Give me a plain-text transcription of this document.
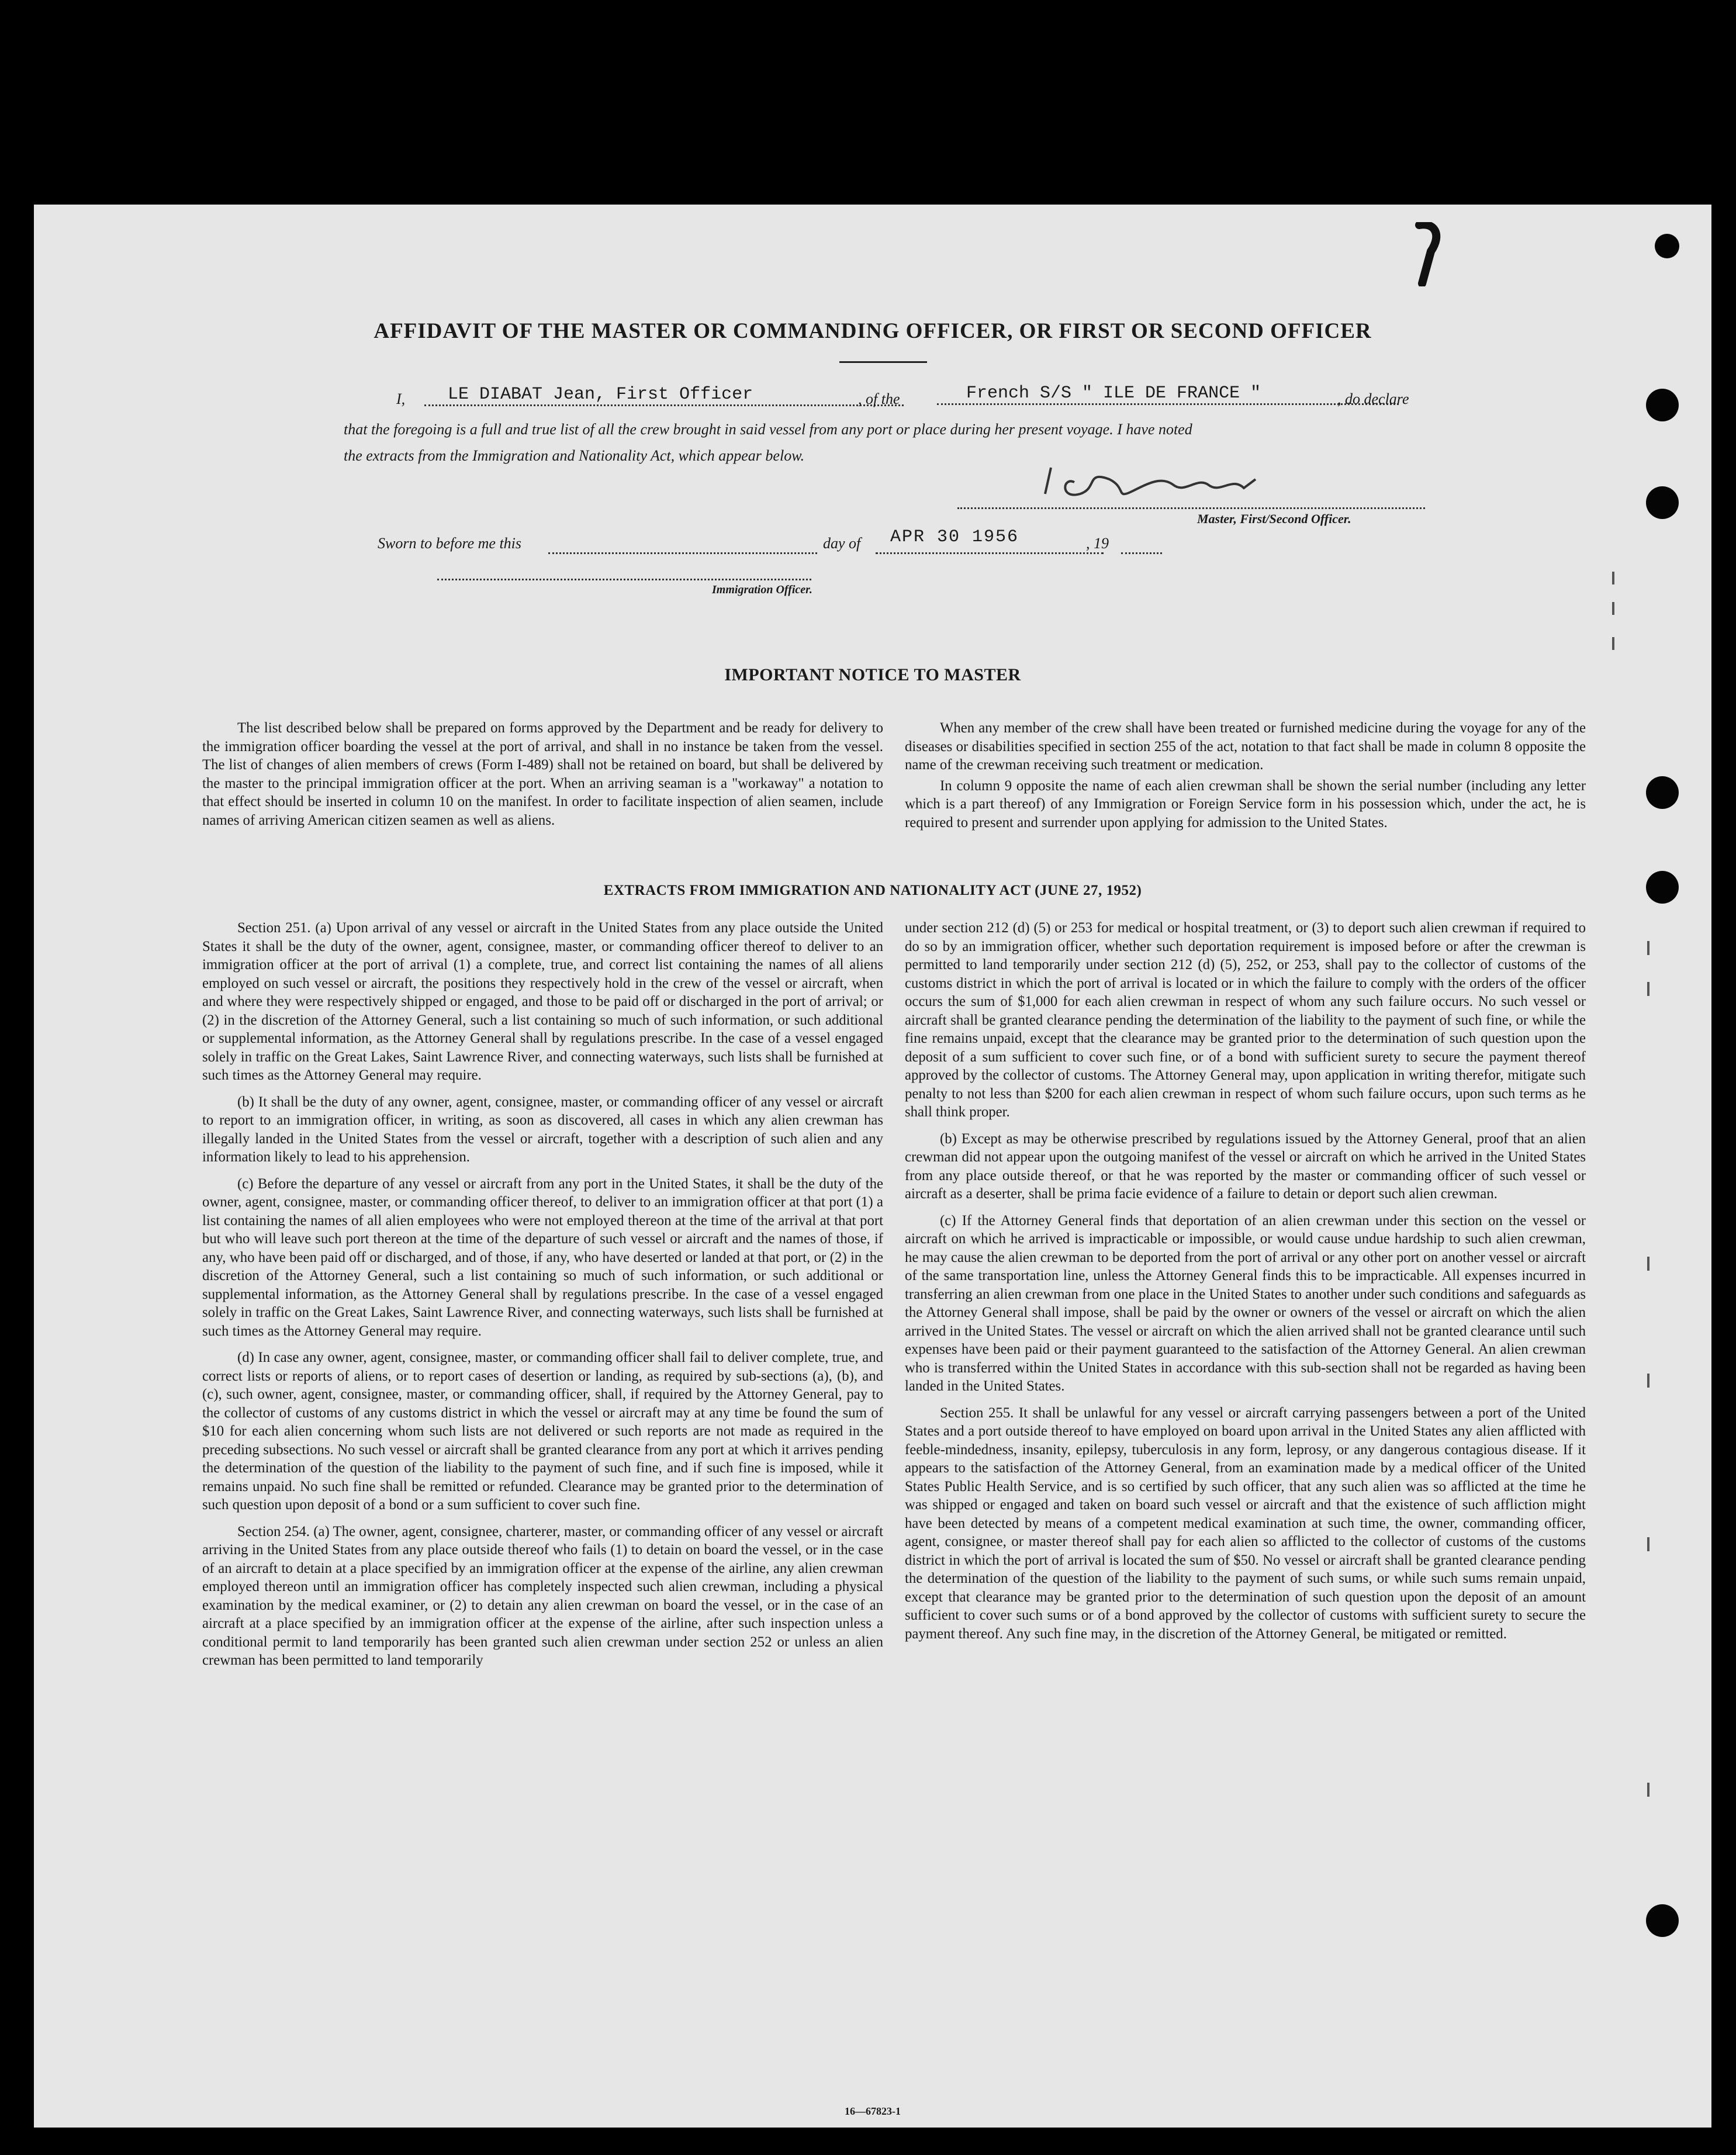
AFFIDAVIT OF THE MASTER OR COMMANDING OFFICER, OR FIRST OR SECOND OFFICER
I,	LE DIABAT Jean, First Officer	, of the	French S/S " ILE DE FRANCE "	, do declare
that the foregoing is a full and true list of all the crew brought in said vessel from any port or place during her present voyage. I have noted
the extracts from the Immigration and Nationality Act, which appear below.
Master, First/Second Officer.
Sworn to before me this	day of APR 30 1956	, 19
Immigration Officer.
IMPORTANT NOTICE TO MASTER

The list described below shall be prepared on forms approved by the Department and be ready for delivery to the immigration officer boarding the vessel at the port of arrival, and shall in no instance be taken from the vessel. The list of changes of alien members of crews (Form I-489) shall not be retained on board, but shall be delivered by the master to the principal immigration officer at the port. When an arriving seaman is a "workaway" a notation to that effect should be inserted in column 10 on the manifest. In order to facilitate inspection of alien seamen, include names of arriving American citizen seamen as well as aliens.

When any member of the crew shall have been treated or furnished medicine during the voyage for any of the diseases or disabilities specified in section 255 of the act, notation to that fact shall be made in column 8 opposite the name of the crewman receiving such treatment or medication.

In column 9 opposite the name of each alien crewman shall be shown the serial number (including any letter which is a part thereof) of any Immigration or Foreign Service form in his possession which, under the act, he is required to present and surrender upon applying for admission to the United States.

EXTRACTS FROM IMMIGRATION AND NATIONALITY ACT (JUNE 27, 1952)

Section 251. (a) Upon arrival of any vessel or aircraft in the United States from any place outside the United States it shall be the duty of the owner, agent, consignee, master, or commanding officer thereof to deliver to an immigration officer at the port of arrival (1) a complete, true, and correct list containing the names of all aliens employed on such vessel or aircraft, the positions they respectively hold in the crew of the vessel or aircraft, when and where they were respectively shipped or engaged, and those to be paid off or discharged in the port of arrival; or (2) in the discretion of the Attorney General, such a list containing so much of such information, or such additional or supplemental information, as the Attorney General shall by regulations prescribe. In the case of a vessel engaged solely in traffic on the Great Lakes, Saint Lawrence River, and connecting waterways, such lists shall be furnished at such times as the Attorney General may require.

(b) It shall be the duty of any owner, agent, consignee, master, or commanding officer of any vessel or aircraft to report to an immigration officer, in writing, as soon as discovered, all cases in which any alien crewman has illegally landed in the United States from the vessel or aircraft, together with a description of such alien and any information likely to lead to his apprehension.

(c) Before the departure of any vessel or aircraft from any port in the United States, it shall be the duty of the owner, agent, consignee, master, or commanding officer thereof, to deliver to an immigration officer at that port (1) a list containing the names of all alien employees who were not employed thereon at the time of the arrival at that port but who will leave such port thereon at the time of the departure of such vessel or aircraft and the names of those, if any, who have been paid off or discharged, and of those, if any, who have deserted or landed at that port, or (2) in the discretion of the Attorney General, such a list containing so much of such information, or such additional or supplemental information, as the Attorney General shall by regulations prescribe. In the case of a vessel engaged solely in traffic on the Great Lakes, Saint Lawrence River, and connecting waterways, such lists shall be furnished at such times as the Attorney General may require.

(d) In case any owner, agent, consignee, master, or commanding officer shall fail to deliver complete, true, and correct lists or reports of aliens, or to report cases of desertion or landing, as required by sub-sections (a), (b), and (c), such owner, agent, consignee, master, or commanding officer, shall, if required by the Attorney General, pay to the collector of customs of any customs district in which the vessel or aircraft may at any time be found the sum of $10 for each alien concerning whom such lists are not delivered or such reports are not made as required in the preceding subsections. No such vessel or aircraft shall be granted clearance from any port at which it arrives pending the determination of the question of the liability to the payment of such fine, and if such fine is imposed, while it remains unpaid. No such fine shall be remitted or refunded. Clearance may be granted prior to the determination of such question upon deposit of a bond or a sum sufficient to cover such fine.

Section 254. (a) The owner, agent, consignee, charterer, master, or commanding officer of any vessel or aircraft arriving in the United States from any place outside thereof who fails (1) to detain on board the vessel, or in the case of an aircraft to detain at a place specified by an immigration officer at the expense of the airline, any alien crewman employed thereon until an immigration officer has completely inspected such alien crewman, including a physical examination by the medical examiner, or (2) to detain any alien crewman on board the vessel, or in the case of an aircraft at a place specified by an immigration officer at the expense of the airline, after such inspection unless a conditional permit to land temporarily has been granted such alien crewman under section 252 or unless an alien crewman has been permitted to land temporarily

under section 212 (d) (5) or 253 for medical or hospital treatment, or (3) to deport such alien crewman if required to do so by an immigration officer, whether such deportation requirement is imposed before or after the crewman is permitted to land temporarily under section 212 (d) (5), 252, or 253, shall pay to the collector of customs of the customs district in which the port of arrival is located or in which the failure to comply with the orders of the officer occurs the sum of $1,000 for each alien crewman in respect of whom any such failure occurs. No such vessel or aircraft shall be granted clearance pending the determination of the liability to the payment of such fine, or while the fine remains unpaid, except that the clearance may be granted prior to the determination of such question upon the deposit of a sum sufficient to cover such fine, or of a bond with sufficient surety to secure the payment thereof approved by the collector of customs. The Attorney General may, upon application in writing therefor, mitigate such penalty to not less than $200 for each alien crewman in respect of whom such failure occurs, upon such terms as he shall think proper.

(b) Except as may be otherwise prescribed by regulations issued by the Attorney General, proof that an alien crewman did not appear upon the outgoing manifest of the vessel or aircraft on which he arrived in the United States from any place outside thereof, or that he was reported by the master or commanding officer of such vessel or aircraft as a deserter, shall be prima facie evidence of a failure to detain or deport such alien crewman.

(c) If the Attorney General finds that deportation of an alien crewman under this section on the vessel or aircraft on which he arrived is impracticable or impossible, or would cause undue hardship to such alien crewman, he may cause the alien crewman to be deported from the port of arrival or any other port on another vessel or aircraft of the same transportation line, unless the Attorney General finds this to be impracticable. All expenses incurred in transferring an alien crewman from one place in the United States to another under such conditions and safeguards as the Attorney General shall impose, shall be paid by the owner or owners of the vessel or aircraft on which the alien arrived in the United States. The vessel or aircraft on which the alien arrived shall not be granted clearance until such expenses have been paid or their payment guaranteed to the satisfaction of the Attorney General. An alien crewman who is transferred within the United States in accordance with this sub-section shall not be regarded as having been landed in the United States.

Section 255. It shall be unlawful for any vessel or aircraft carrying passengers between a port of the United States and a port outside thereof to have employed on board upon arrival in the United States any alien afflicted with feeble-mindedness, insanity, epilepsy, tuberculosis in any form, leprosy, or any dangerous contagious disease. If it appears to the satisfaction of the Attorney General, from an examination made by a medical officer of the United States Public Health Service, and is so certified by such officer, that any such alien was so afflicted at the time he was shipped or engaged and taken on board such vessel or aircraft and that the existence of such affliction might have been detected by means of a competent medical examination at such time, the owner, commanding officer, agent, consignee, or master thereof shall pay for each alien so afflicted to the collector of customs of the customs district in which the port of arrival is located the sum of $50. No vessel or aircraft shall be granted clearance pending the determination of the question of the liability to the payment of such sums, or while such sums remain unpaid, except that clearance may be granted prior to the determination of such question upon the deposit of an amount sufficient to cover such sums or of a bond approved by the collector of customs with sufficient surety to secure the payment thereof. Any such fine may, in the discretion of the Attorney General, be mitigated or remitted.

16—67823-1
